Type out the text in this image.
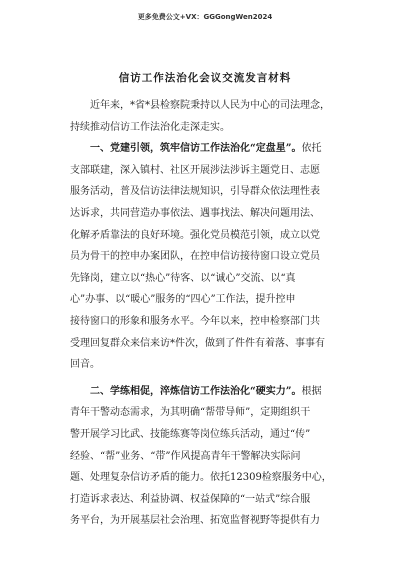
更多免费公文+VX：GGGongWen2024
信访工作法治化会议交流发言材料
　　近年来，*省*县检察院秉持以人民为中心的司法理念，
持续推动信访工作法治化走深走实。
　　一、党建引领，筑牢信访工作法治化“定盘星”。依托
支部联建，深入镇村、社区开展涉法涉诉主题党日、志愿
服务活动，普及信访法律法规知识，引导群众依法理性表
达诉求，共同营造办事依法、遇事找法、解决问题用法、
化解矛盾靠法的良好环境。强化党员模范引领，成立以党
员为骨干的控申办案团队，在控申信访接待窗口设立党员
先锋岗，建立以“热心”待客、以“诚心”交流、以“真
心”办事、以“暖心”服务的“四心”工作法，提升控申
接待窗口的形象和服务水平。今年以来，控申检察部门共
受理回复群众来信来访*件次，做到了件件有着落、事事有
回音。
　　二、学练相促，淬炼信访工作法治化“硬实力”。根据
青年干警动态需求，为其明确“帮带导师”，定期组织干
警开展学习比武、技能练赛等岗位练兵活动，通过“传”
经验、“帮”业务、“带”作风提高青年干警解决实际问
题、处理复杂信访矛盾的能力。依托12309检察服务中心，
打造诉求表达、利益协调、权益保障的“一站式”综合服
务平台，为开展基层社会治理、拓宽监督视野等提供有力
